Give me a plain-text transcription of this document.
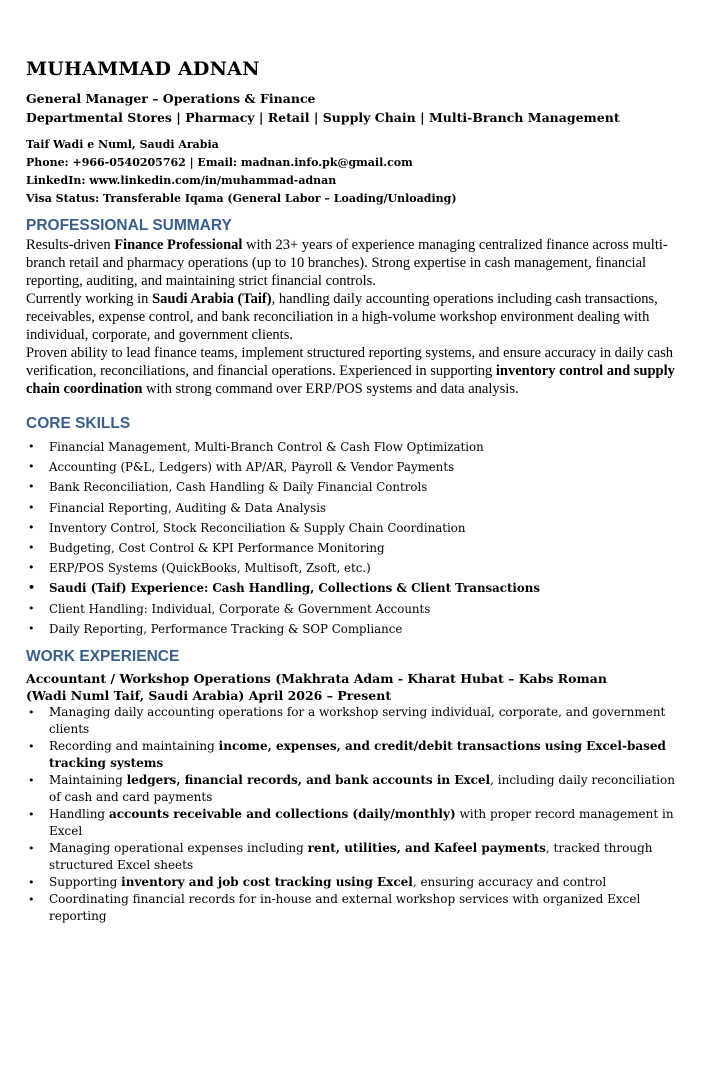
MUHAMMAD ADNAN

General Manager – Operations & Finance

Departmental Stores | Pharmacy | Retail | Supply Chain | Multi-Branch Management

Taif Wadi e Numl, Saudi Arabia

Phone: +966-0540205762 | Email: madnan.info.pk@gmail.com

LinkedIn: www.linkedin.com/in/muhammad-adnan

Visa Status: Transferable Iqama (General Labor – Loading/Unloading)

PROFESSIONAL SUMMARY

Results-driven Finance Professional with 23+ years of experience managing centralized finance across multi-branch retail and pharmacy operations (up to 10 branches). Strong expertise in cash management, financial reporting, auditing, and maintaining strict financial controls.

Currently working in Saudi Arabia (Taif), handling daily accounting operations including cash transactions, receivables, expense control, and bank reconciliation in a high-volume workshop environment dealing with individual, corporate, and government clients.

Proven ability to lead finance teams, implement structured reporting systems, and ensure accuracy in daily cash verification, reconciliations, and financial operations. Experienced in supporting inventory control and supply chain coordination with strong command over ERP/POS systems and data analysis.

CORE SKILLS
• Financial Management, Multi-Branch Control & Cash Flow Optimization
• Accounting (P&L, Ledgers) with AP/AR, Payroll & Vendor Payments
• Bank Reconciliation, Cash Handling & Daily Financial Controls
• Financial Reporting, Auditing & Data Analysis
• Inventory Control, Stock Reconciliation & Supply Chain Coordination
• Budgeting, Cost Control & KPI Performance Monitoring
• ERP/POS Systems (QuickBooks, Multisoft, Zsoft, etc.)
• Saudi (Taif) Experience: Cash Handling, Collections & Client Transactions
• Client Handling: Individual, Corporate & Government Accounts
• Daily Reporting, Performance Tracking & SOP Compliance
WORK EXPERIENCE

Accountant / Workshop Operations (Makhrata Adam - Kharat Hubat – Kabs Roman

(Wadi Numl Taif, Saudi Arabia) April 2026 – Present

• Managing daily accounting operations for a workshop serving individual, corporate, and government clients
• Recording and maintaining income, expenses, and credit/debit transactions using Excel-based tracking systems
• Maintaining ledgers, financial records, and bank accounts in Excel, including daily reconciliation of cash and card payments
• Handling accounts receivable and collections (daily/monthly) with proper record management in Excel
• Managing operational expenses including rent, utilities, and Kafeel payments, tracked through structured Excel sheets
• Supporting inventory and job cost tracking using Excel, ensuring accuracy and control
• Coordinating financial records for in-house and external workshop services with organized Excel reporting
